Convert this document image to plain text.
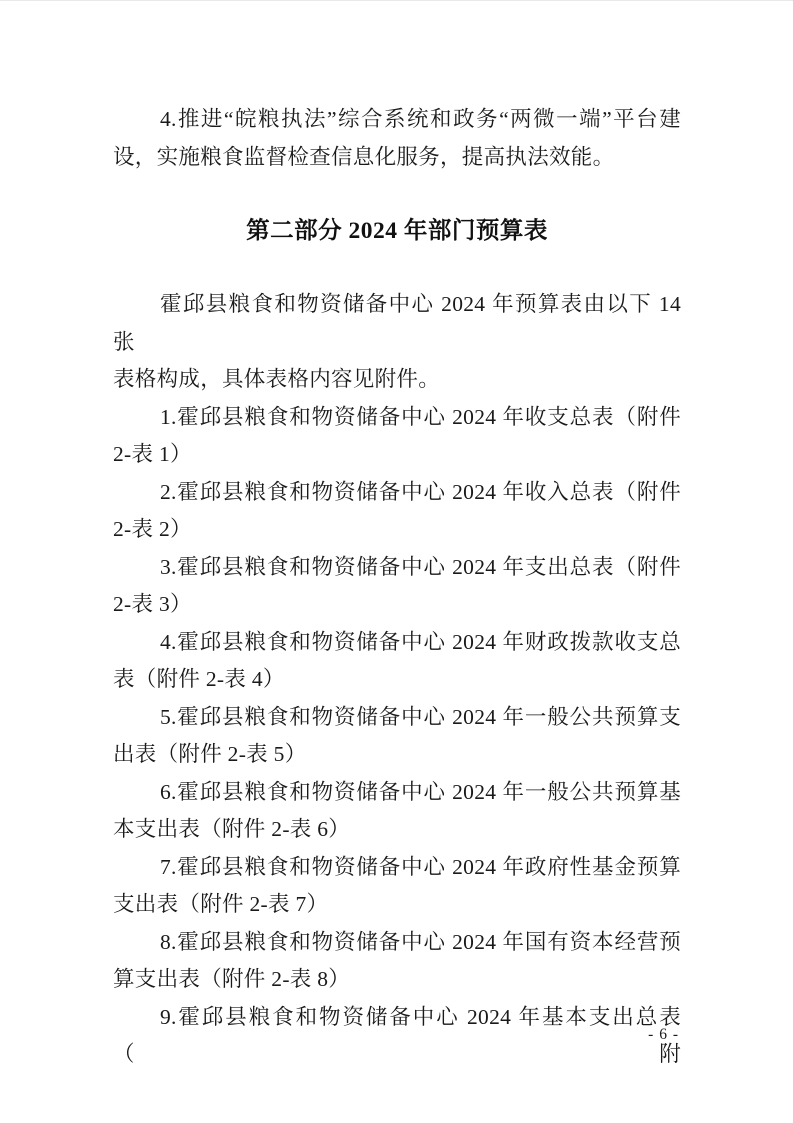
4.推进“皖粮执法”综合系统和政务“两微一端”平台建

设，实施粮食监督检查信息化服务，提高执法效能。

第二部分 2024 年部门预算表

霍邱县粮食和物资储备中心 2024 年预算表由以下 14 张

表格构成，具体表格内容见附件。

1.霍邱县粮食和物资储备中心 2024 年收支总表（附件

2-表 1）

2.霍邱县粮食和物资储备中心 2024 年收入总表（附件

2-表 2）

3.霍邱县粮食和物资储备中心 2024 年支出总表（附件

2-表 3）

4.霍邱县粮食和物资储备中心 2024 年财政拨款收支总

表（附件 2-表 4）

5.霍邱县粮食和物资储备中心 2024 年一般公共预算支

出表（附件 2-表 5）

6.霍邱县粮食和物资储备中心 2024 年一般公共预算基

本支出表（附件 2-表 6）

7.霍邱县粮食和物资储备中心 2024 年政府性基金预算

支出表（附件 2-表 7）

8.霍邱县粮食和物资储备中心 2024 年国有资本经营预

算支出表（附件 2-表 8）

9.霍邱县粮食和物资储备中心 2024 年基本支出总表（附

- 6 -
